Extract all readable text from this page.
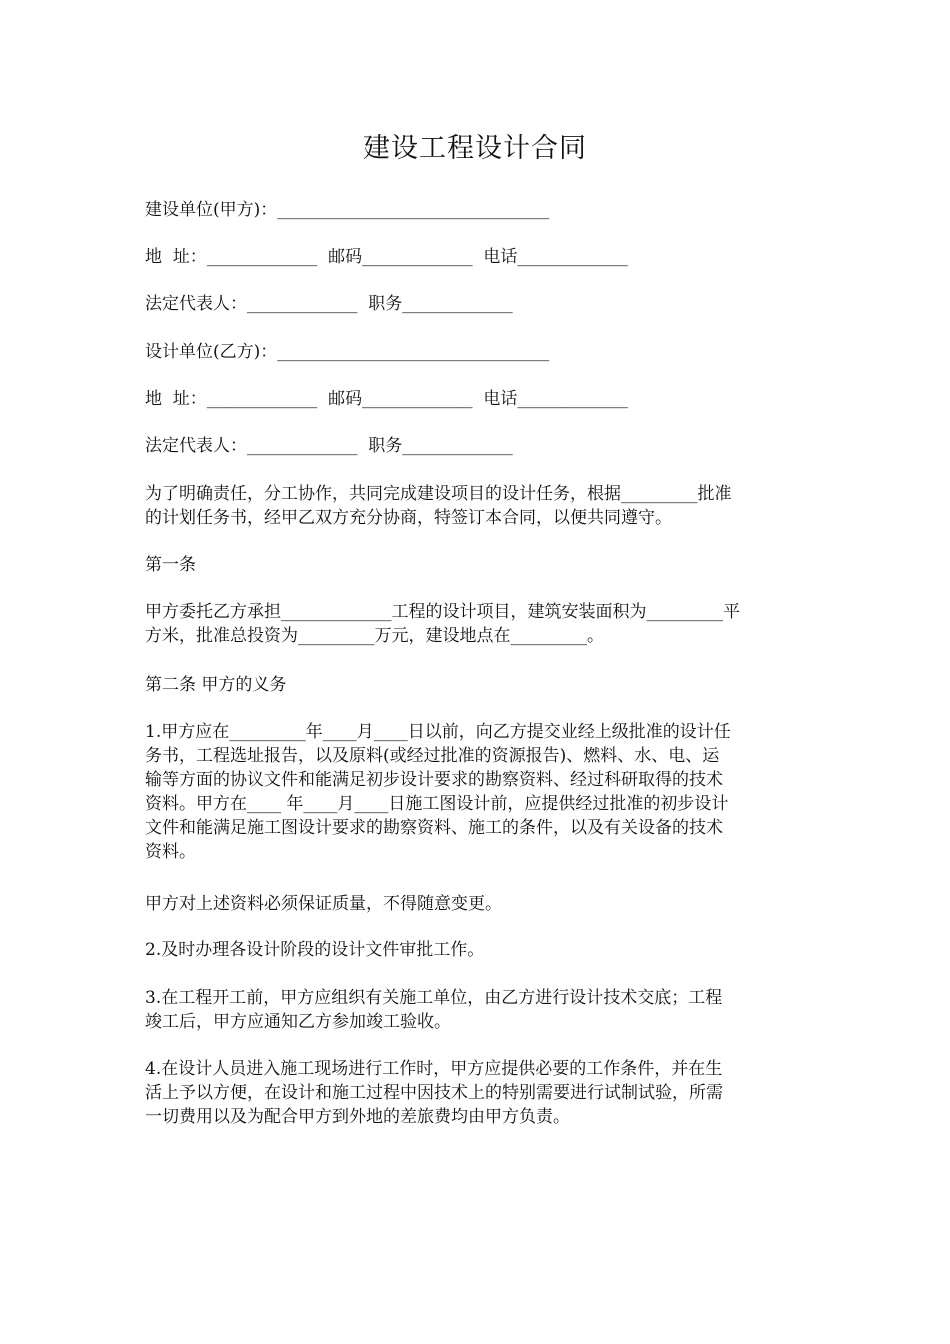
建设工程设计合同
建设单位(甲方)：________________________________
地  址：_____________  邮码_____________  电话_____________
法定代表人：_____________  职务_____________
设计单位(乙方)：________________________________
地  址：_____________  邮码_____________  电话_____________
法定代表人：_____________  职务_____________
为了明确责任，分工协作，共同完成建设项目的设计任务，根据_________批准
的计划任务书，经甲乙双方充分协商，特签订本合同，以便共同遵守。
第一条
甲方委托乙方承担_____________工程的设计项目，建筑安装面积为_________平
方米，批准总投资为_________万元，建设地点在_________。
第二条 甲方的义务
1.甲方应在_________年____月____日以前，向乙方提交业经上级批准的设计任
务书，工程选址报告，以及原料(或经过批准的资源报告)、燃料、水、电、运
输等方面的协议文件和能满足初步设计要求的勘察资料、经过科研取得的技术
资料。甲方在____ 年____月____日施工图设计前，应提供经过批准的初步设计
文件和能满足施工图设计要求的勘察资料、施工的条件，以及有关设备的技术
资料。
甲方对上述资料必须保证质量，不得随意变更。
2.及时办理各设计阶段的设计文件审批工作。
3.在工程开工前，甲方应组织有关施工单位，由乙方进行设计技术交底；工程
竣工后，甲方应通知乙方参加竣工验收。
4.在设计人员进入施工现场进行工作时，甲方应提供必要的工作条件，并在生
活上予以方便，在设计和施工过程中因技术上的特别需要进行试制试验，所需
一切费用以及为配合甲方到外地的差旅费均由甲方负责。
